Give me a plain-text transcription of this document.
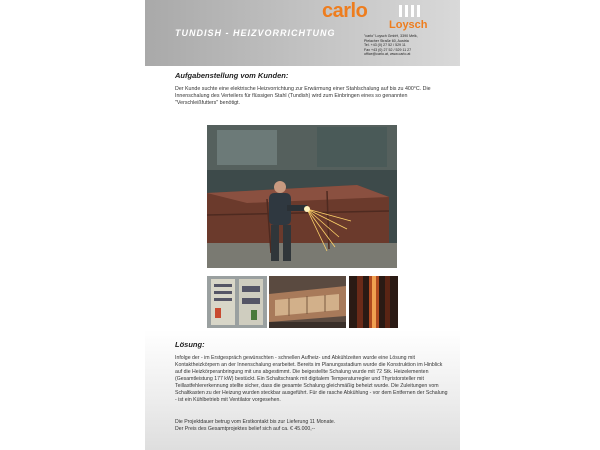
TUNDISH - HEIZVORRICHTUNG
carlo
Loysch
"carlo" Loysch GmbH, 3390 Melk,
Pielacher Straße 60, Austria
Tel. +43 (0) 27 52 / 529 11
Fax +43 (0) 27 52 / 529 11 27
office@carlo.at, www.carlo.at
Aufgabenstellung vom Kunden:
Der Kunde suchte eine elektrische Heizvorrichtung zur Erwärmung einer Stahlschalung auf bis zu 400°C. Die Innenschalung des Verteilers für flüssigen Stahl (Tundish) wird zum Einbringen eines so genannten "Verschleißfutters" benötigt.
Lösung:
Infolge der - im Erstgespräch gewünschten - schnellen Aufheiz- und Abkühlzeiten wurde eine Lösung mit Kontaktheizkörpern an der Innenschalung erarbeitet. Bereits im Planungsstadium wurde die Konstruktion im Hinblick auf die Heizkörperanbringung mit uns abgestimmt. Die beigestellte Schalung wurde mit 72 Stk. Heizelementen (Gesamtleistung 177 kW) bestückt. Ein Schaltschrank mit digitalem Temperaturregler und Thyristorsteller mit Teillastfehlererkennung stellte sicher, dass die gesamte Schalung gleichmäßig beheizt wurde. Die Zuleitungen vom Schaltkasten zu der Heizung wurden steckbar ausgeführt. Für die rasche Abkühlung - vor dem Entfernen der Schalung - ist ein Kühlbetrieb mit Ventilator vorgesehen.
Die Projektdauer betrug vom Erstkontakt bis zur Lieferung 11 Monate.
Der Preis des Gesamtprojektes belief sich auf ca. € 45.000,--
